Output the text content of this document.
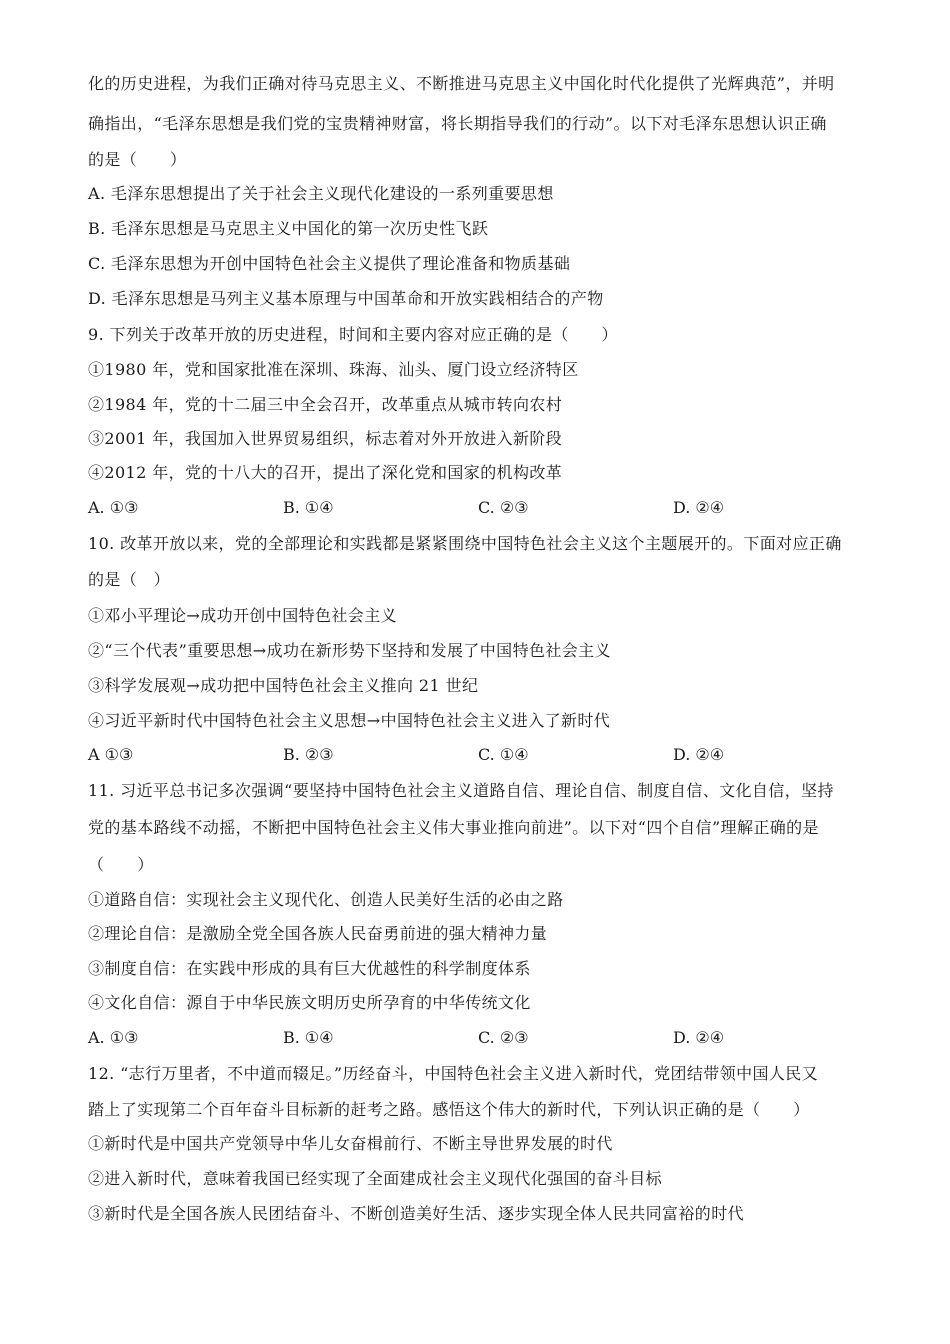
化的历史进程，为我们正确对待马克思主义、不断推进马克思主义中国化时代化提供了光辉典范”，并明
确指出，“毛泽东思想是我们党的宝贵精神财富，将长期指导我们的行动”。以下对毛泽东思想认识正确
的是（　　）
A. 毛泽东思想提出了关于社会主义现代化建设的一系列重要思想
B. 毛泽东思想是马克思主义中国化的第一次历史性飞跃
C. 毛泽东思想为开创中国特色社会主义提供了理论准备和物质基础
D. 毛泽东思想是马列主义基本原理与中国革命和开放实践相结合的产物
9. 下列关于改革开放的历史进程，时间和主要内容对应正确的是（　　）
①1980 年，党和国家批准在深圳、珠海、汕头、厦门设立经济特区
②1984 年，党的十二届三中全会召开，改革重点从城市转向农村
③2001 年，我国加入世界贸易组织，标志着对外开放进入新阶段
④2012 年，党的十八大的召开，提出了深化党和国家的机构改革
A. ①③	B. ①④	C. ②③	D. ②④
10. 改革开放以来，党的全部理论和实践都是紧紧围绕中国特色社会主义这个主题展开的。下面对应正确
的是（　）
①邓小平理论→成功开创中国特色社会主义
②“三个代表”重要思想→成功在新形势下坚持和发展了中国特色社会主义
③科学发展观→成功把中国特色社会主义推向 21 世纪
④习近平新时代中国特色社会主义思想→中国特色社会主义进入了新时代
A ①③	B. ②③	C. ①④	D. ②④
11. 习近平总书记多次强调“要坚持中国特色社会主义道路自信、理论自信、制度自信、文化自信，坚持
党的基本路线不动摇，不断把中国特色社会主义伟大事业推向前进”。以下对“四个自信”理解正确的是
（　　）
①道路自信：实现社会主义现代化、创造人民美好生活的必由之路
②理论自信：是激励全党全国各族人民奋勇前进的强大精神力量
③制度自信：在实践中形成的具有巨大优越性的科学制度体系
④文化自信：源自于中华民族文明历史所孕育的中华传统文化
A. ①③	B. ①④	C. ②③	D. ②④
12. “志行万里者，不中道而辍足。”历经奋斗，中国特色社会主义进入新时代，党团结带领中国人民又
踏上了实现第二个百年奋斗目标新的赶考之路。感悟这个伟大的新时代，下列认识正确的是（　　）
①新时代是中国共产党领导中华儿女奋楫前行、不断主导世界发展的时代
②进入新时代，意味着我国已经实现了全面建成社会主义现代化强国的奋斗目标
③新时代是全国各族人民团结奋斗、不断创造美好生活、逐步实现全体人民共同富裕的时代
